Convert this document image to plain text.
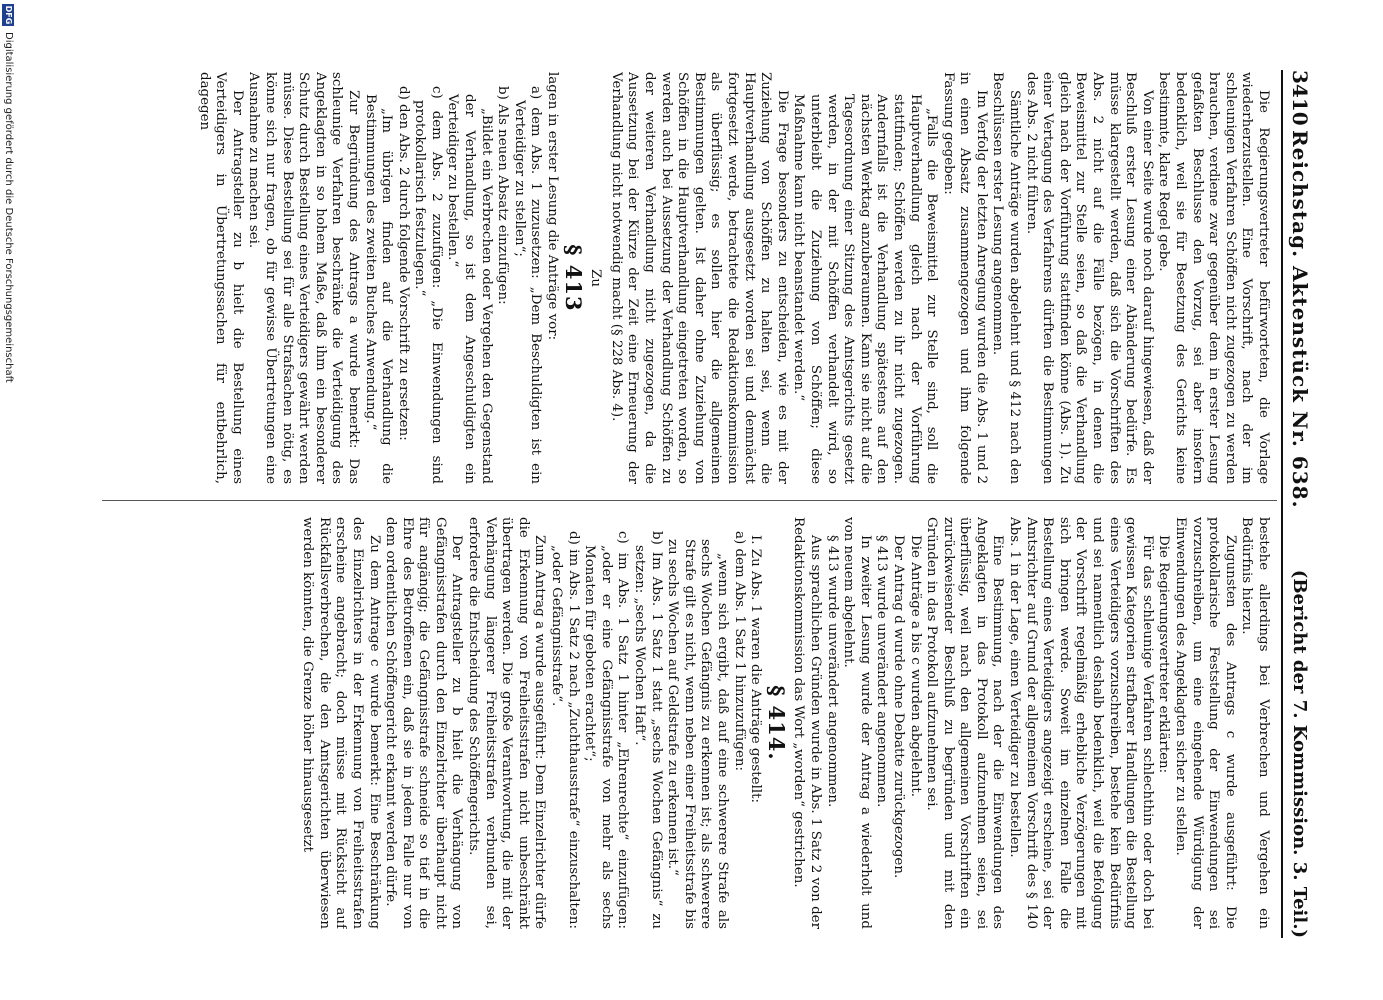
3410
Reichstag. Aktenstück Nr. 638.
(Bericht der 7. Kommission. 3. Teil.)

Die Regierungsvertreter befürworteten, die Vorlage wiederherzustellen. Eine Vorschrift, nach der im schleunigen Verfahren Schöffen nicht zugezogen zu werden brauchen, verdiene zwar gegenüber dem in erster Lesung gefaßten Beschlusse den Vorzug, sei aber insofern bedenklich, weil sie für Besetzung des Gerichts keine bestimmte, klare Regel gebe.

Von einer Seite wurde noch darauf hingewiesen, daß der Beschluß erster Lesung einer Abänderung bedürfe. Es müsse klargestellt werden, daß sich die Vorschriften des Abs. 2 nicht auf die Fälle bezögen, in denen die Beweismittel zur Stelle seien, so daß die Verhandlung gleich nach der Vorführung stattfinden könne (Abs. 1). Zu einer Vertagung des Verfahrens dürften die Bestimmungen des Abs. 2 nicht führen.

Sämtliche Anträge wurden abgelehnt und § 412 nach den Beschlüssen erster Lesung angenommen.

Im Verfolg der letzten Anregung wurden die Abs. 1 und 2 in einen Absatz zusammengezogen und ihm folgende Fassung gegeben:

„Falls die Beweismittel zur Stelle sind, soll die Hauptverhandlung gleich nach der Vorführung stattfinden; Schöffen werden zu ihr nicht zugezogen. Andernfalls ist die Verhandlung spätestens auf den nächsten Werktag anzuberaumen. Kann sie nicht auf die Tagesordnung einer Sitzung des Amtsgerichts gesetzt werden, in der mit Schöffen verhandelt wird, so unterbleibt die Zuziehung von Schöffen; diese Maßnahme kann nicht beanstandet werden.“

Die Frage besonders zu entscheiden, wie es mit der Zuziehung von Schöffen zu halten sei, wenn die Hauptverhandlung ausgesetzt worden sei und demnächst fortgesetzt werde, betrachtete die Redaktionskommission als überflüssig; es sollen hier die allgemeinen Bestimmungen gelten. Ist daher ohne Zuziehung von Schöffen in die Hauptverhandlung eingetreten worden, so werden auch bei Aussetzung der Verhandlung Schöffen zu der weiteren Verhandlung nicht zugezogen, da die Aussetzung bei der Kürze der Zeit eine Erneuerung der Verhandlung nicht notwendig macht (§ 228 Abs. 4).

Zu
§ 413

lagen in erster Lesung die Anträge vor:

a) dem Abs. 1 zuzusetzen: „Dem Beschuldigten ist ein Verteidiger zu stellen“;

b) Als neuen Absatz einzufügen:

„Bildet ein Verbrechen oder Vergehen den Gegenstand der Verhandlung, so ist dem Angeschuldigten ein Verteidiger zu bestellen.“

c) dem Abs. 2 zuzufügen: „Die Einwendungen sind protokollarisch festzulegen.“

d) den Abs. 2 durch folgende Vorschrift zu ersetzen:

„Im übrigen finden auf die Verhandlung die Bestimmungen des zweiten Buches Anwendung.“

Zur Begründung des Antrags a wurde bemerkt: Das schleunige Verfahren beschränke die Verteidigung des Angeklagten in so hohem Maße, daß ihm ein besonderer Schutz durch Bestellung eines Verteidigers gewährt werden müsse. Diese Bestellung sei für alle Strafsachen nötig, es könne sich nur fragen, ob für gewisse Übertretungen eine Ausnahme zu machen sei.

Der Antragsteller zu b hielt die Bestellung eines Verteidigers in Übertretungssachen für entbehrlich, dagegen

bestehe allerdings bei Verbrechen und Vergehen ein Bedürfnis hierzu.

Zugunsten des Antrags c wurde ausgeführt: Die protokollarische Feststellung der Einwendungen sei vorzuschreiben, um eine eingehende Würdigung der Einwendungen des Angeklagten sicher zu stellen.

Die Regierungsvertreter erklärten:

Für das schleunige Verfahren schlechthin oder doch bei gewissen Kategorien strafbarer Handlungen die Bestellung eines Verteidigers vorzuschreiben, bestehe kein Bedürfnis und sei namentlich deshalb bedenklich, weil die Befolgung der Vorschrift regelmäßig erhebliche Verzögerungen mit sich bringen werde. Soweit im einzelnen Falle die Bestellung eines Verteidigers angezeigt erscheine, sei der Amtsrichter auf Grund der allgemeinen Vorschrift des § 140 Abs. 1 in der Lage, einen Verteidiger zu bestellen.

Eine Bestimmung, nach der die Einwendungen des Angeklagten in das Protokoll aufzunehmen seien, sei überflüssig, weil nach den allgemeinen Vorschriften ein zurückweisender Beschluß zu begründen und mit den Gründen in das Protokoll aufzunehmen sei.

Die Anträge a bis c wurden abgelehnt.

Der Antrag d wurde ohne Debatte zurückgezogen.

§ 413 wurde unverändert angenommen.

In zweiter Lesung wurde der Antrag a wiederholt und von neuem abgelehnt.

§ 413 wurde unverändert angenommen.

Aus sprachlichen Gründen wurde in Abs. 1 Satz 2 von der Redaktionskommission das Wort „worden“ gestrichen.

§ 414.

I. Zu Abs. 1 waren die Anträge gestellt:

a) dem Abs. 1 Satz 1 hinzuzufügen:

„wenn sich ergibt, daß auf eine schwerere Strafe als sechs Wochen Gefängnis zu erkennen ist; als schwerere Strafe gilt es nicht, wenn neben einer Freiheitsstrafe bis zu sechs Wochen auf Geldstrafe zu erkennen ist.“

b) Im Abs. 1 Satz 1 statt „sechs Wochen Gefängnis“ zu setzen: „sechs Wochen Haft“.

c) im Abs. 1 Satz 1 hinter „Ehrenrechte“ einzufügen: „oder er eine Gefängnisstrafe von mehr als sechs Monaten für geboten erachtet“;

d) im Abs. 1 Satz 2 nach „Zuchthausstrafe“ einzuschalten: „oder Gefängnisstrafe“.

Zum Antrag a wurde ausgeführt: Dem Einzelrichter dürfe die Erkennung von Freiheitsstrafen nicht unbeschränkt übertragen werden. Die große Verantwortung, die mit der Verhängung längerer Freiheitsstrafen verbunden sei, erfordere die Entscheidung des Schöffengerichts.

Der Antragsteller zu b hielt die Verhängung von Gefängnisstrafen durch den Einzelrichter überhaupt nicht für angängig; die Gefängnisstrafe schneide so tief in die Ehre des Betroffenen ein, daß sie in jedem Falle nur von dem ordentlichen Schöffengericht erkannt werden dürfe.

Zu dem Antrage c wurde bemerkt: Eine Beschränkung des Einzelrichters in der Erkennung von Freiheitsstrafen erscheine angebracht; doch müsse mit Rücksicht auf Rückfallsverbrechen, die den Amtsgerichten überwiesen werden könnten, die Grenze höher hinausgesetzt

DFG
Digitalisierung gefördert durch die Deutsche Forschungsgemeinschaft
